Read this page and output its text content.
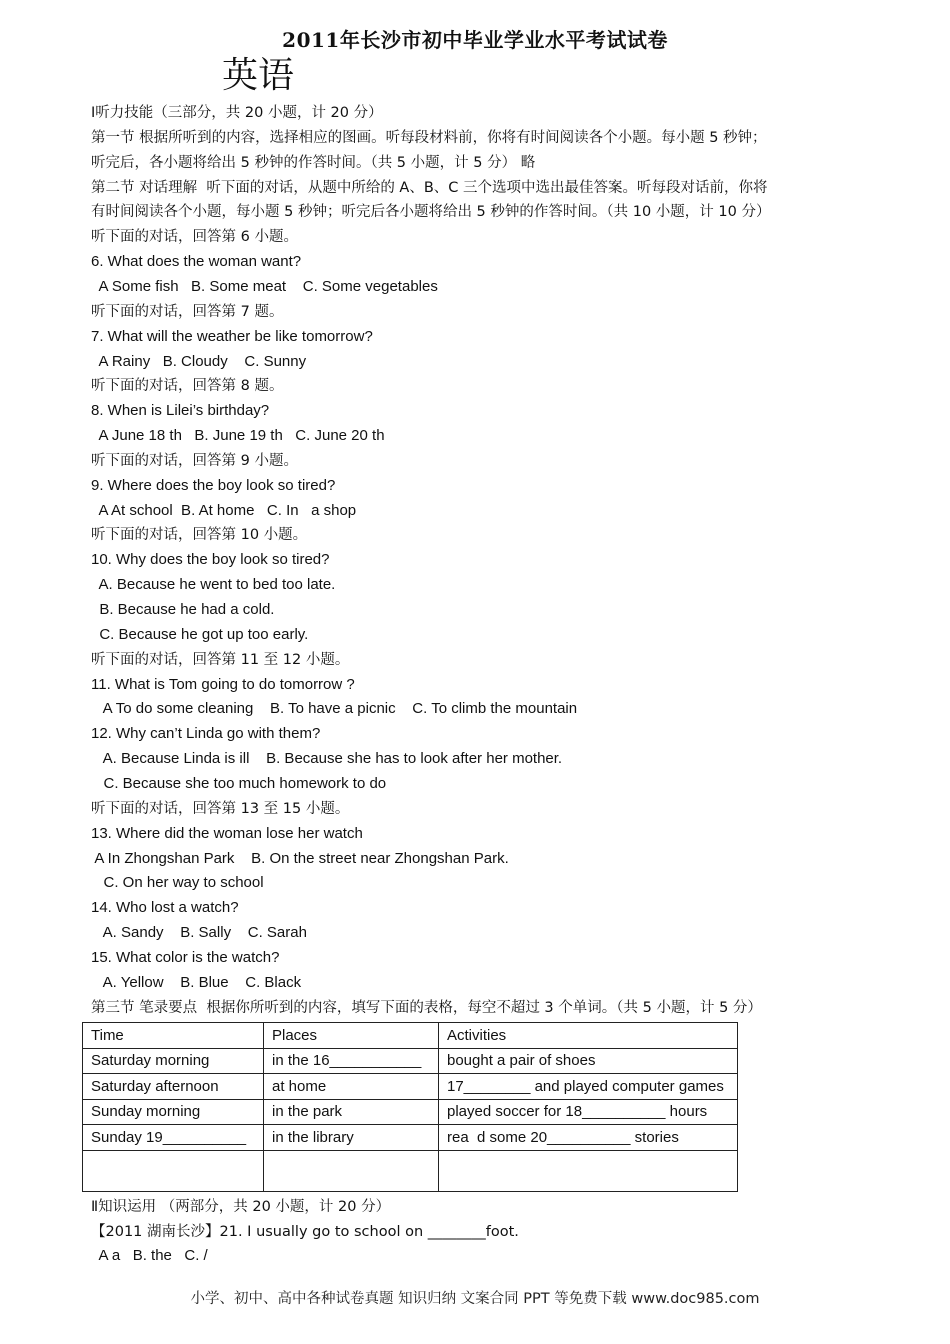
2011年长沙市初中毕业学业水平考试试卷
英语
Ⅰ听力技能（三部分，共 20 小题，计 20 分）
第一节 根据所听到的内容，选择相应的图画。听每段材料前，你将有时间阅读各个小题。每小题 5 秒钟；
听完后，各小题将给出 5 秒钟的作答时间。（共 5 小题，计 5 分） 略
第二节 对话理解  听下面的对话，从题中所给的 A、B、C 三个选项中选出最佳答案。听每段对话前，你将
有时间阅读各个小题，每小题 5 秒钟；听完后各小题将给出 5 秒钟的作答时间。（共 10 小题，计 10 分）
听下面的对话，回答第 6 小题。
6. What does the woman want?
A Some fish   B. Some meat    C. Some vegetables
听下面的对话，回答第 7 题。
7. What will the weather be like tomorrow?
A Rainy   B. Cloudy    C. Sunny
听下面的对话，回答第 8 题。
8. When is Lilei’s birthday?
A June 18 th   B. June 19 th   C. June 20 th
听下面的对话，回答第 9 小题。
9. Where does the boy look so tired?
A At school  B. At home   C. In   a shop
听下面的对话，回答第 10 小题。
10. Why does the boy look so tired?
A. Because he went to bed too late.
B. Because he had a cold.
C. Because he got up too early.
听下面的对话，回答第 11 至 12 小题。
11. What is Tom going to do tomorrow ?
A To do some cleaning    B. To have a picnic    C. To climb the mountain
12. Why can’t Linda go with them?
A. Because Linda is ill    B. Because she has to look after her mother.
C. Because she too much homework to do
听下面的对话，回答第 13 至 15 小题。
13. Where did the woman lose her watch
A In Zhongshan Park    B. On the street near Zhongshan Park.
C. On her way to school
14. Who lost a watch?
A. Sandy    B. Sally    C. Sarah
15. What color is the watch?
A. Yellow    B. Blue    C. Black
第三节 笔录要点  根据你所听到的内容，填写下面的表格，每空不超过 3 个单词。（共 5 小题，计 5 分）
Time	Places	Activities
Saturday morning	in the 16___________	bought a pair of shoes
Saturday afternoon	at home	17________ and played computer games
Sunday morning	in the park	played soccer for 18__________ hours
Sunday 19__________	in the library	rea  d some 20__________ stories

Ⅱ知识运用 （两部分，共 20 小题，计 20 分）
【2011 湖南长沙】21. I usually go to school on ________foot.
A a   B. the   C. /
小学、初中、高中各种试卷真题 知识归纳 文案合同 PPT 等免费下载 www.doc985.com
